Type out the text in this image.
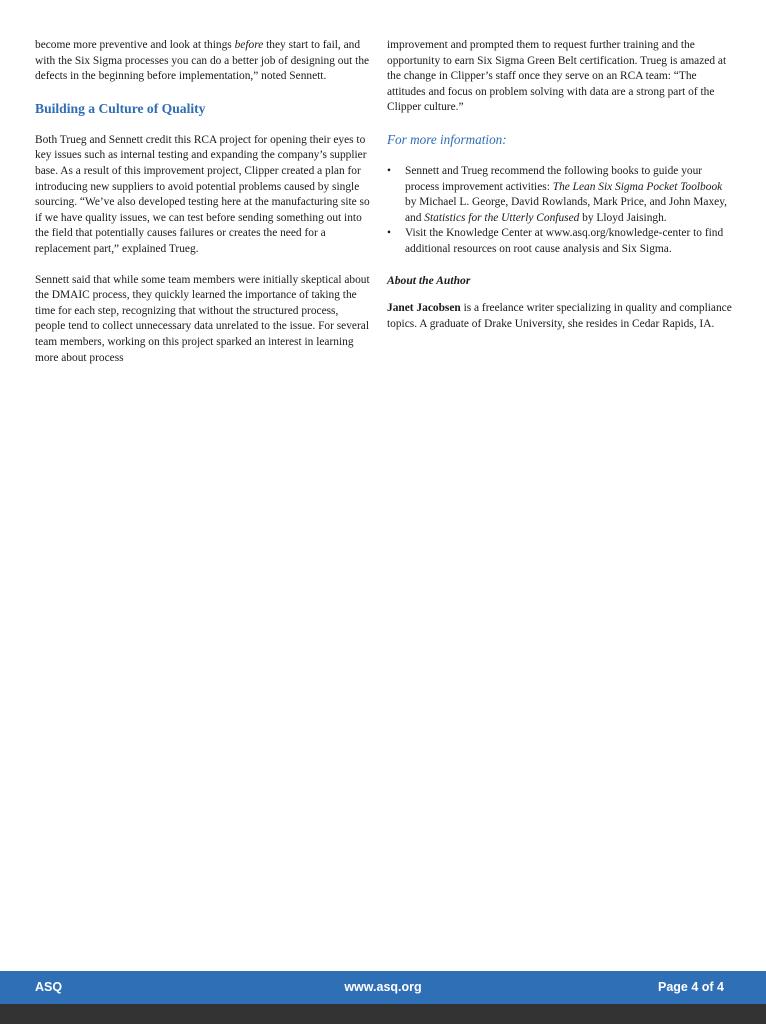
become more preventive and look at things before they start to fail, and with the Six Sigma processes you can do a better job of designing out the defects in the beginning before implementation,” noted Sennett.

Building a Culture of Quality

Both Trueg and Sennett credit this RCA project for opening their eyes to key issues such as internal testing and expanding the company’s supplier base. As a result of this improvement project, Clipper created a plan for introducing new suppliers to avoid potential problems caused by single sourcing. “We’ve also developed testing here at the manufacturing site so if we have quality issues, we can test before sending something out into the field that potentially causes failures or creates the need for a replacement part,” explained Trueg.

Sennett said that while some team members were initially skeptical about the DMAIC process, they quickly learned the importance of taking the time for each step, recognizing that without the structured process, people tend to collect unnecessary data unrelated to the issue. For several team members, working on this project sparked an interest in learning more about process

improvement and prompted them to request further training and the opportunity to earn Six Sigma Green Belt certification. Trueg is amazed at the change in Clipper’s staff once they serve on an RCA team: “The attitudes and focus on problem solving with data are a strong part of the Clipper culture.”

For more information:
• Sennett and Trueg recommend the following books to guide your process improvement activities: The Lean Six Sigma Pocket Toolbook by Michael L. George, David Rowlands, Mark Price, and John Maxey, and Statistics for the Utterly Confused by Lloyd Jaisingh.
• Visit the Knowledge Center at www.asq.org/knowledge-center to find additional resources on root cause analysis and Six Sigma.
About the Author

Janet Jacobsen is a freelance writer specializing in quality and compliance topics. A graduate of Drake University, she resides in Cedar Rapids, IA.

ASQ	www.asq.org	Page 4 of 4
